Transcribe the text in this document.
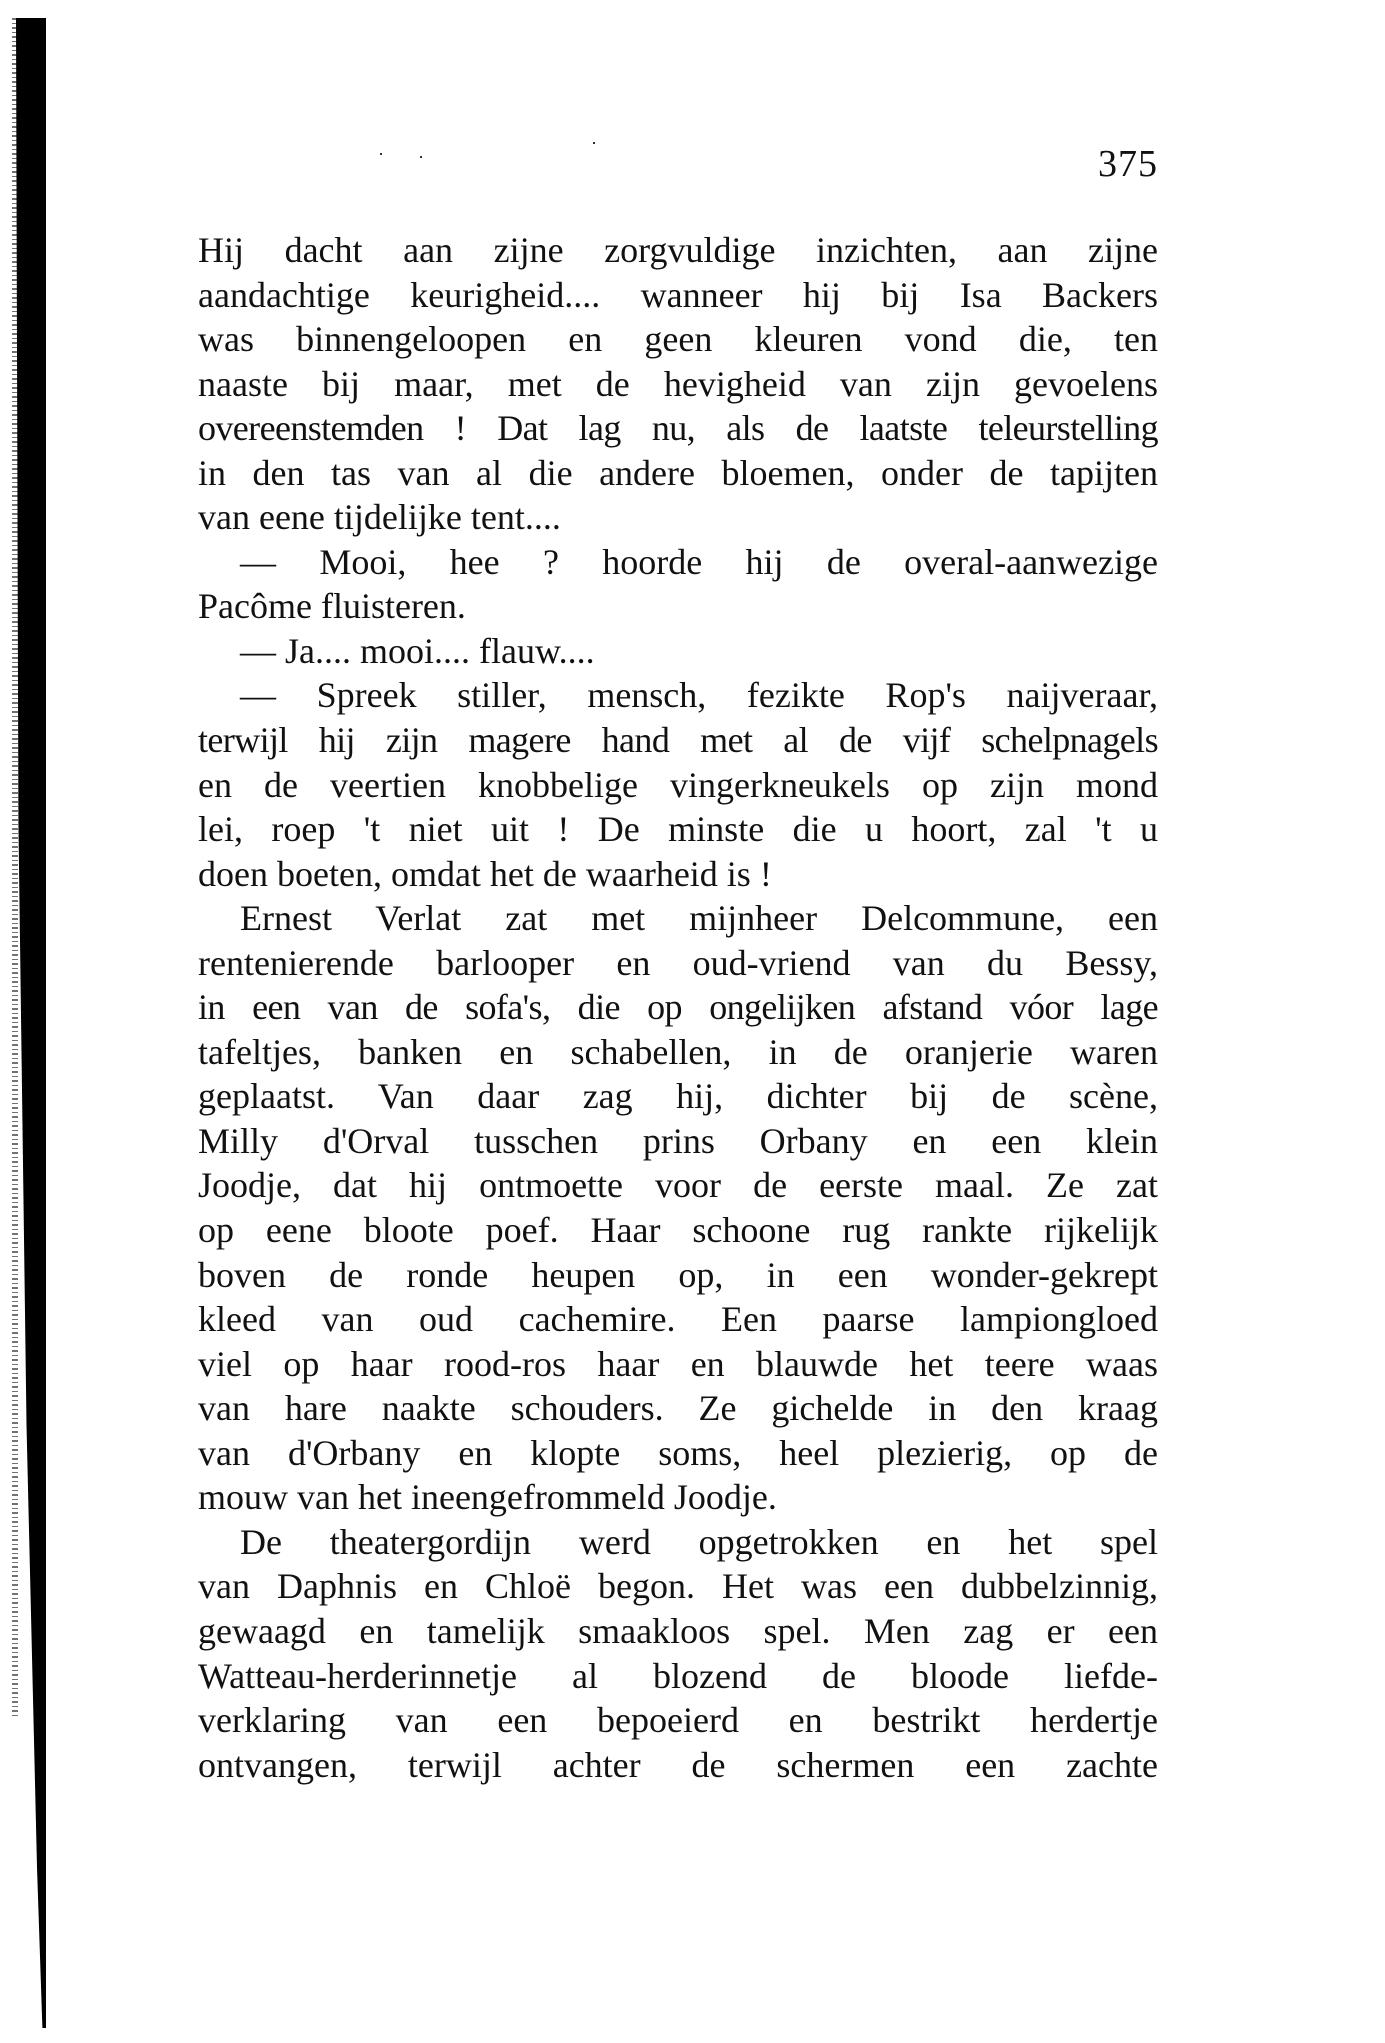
375
Hij dacht aan zijne zorgvuldige inzichten, aan zijne
aandachtige keurigheid.... wanneer hij bij Isa Backers
was binnengeloopen en geen kleuren vond die, ten
naaste bij maar, met de hevigheid van zijn gevoelens
overeenstemden ! Dat lag nu, als de laatste teleurstelling
in den tas van al die andere bloemen, onder de tapijten
van eene tijdelijke tent....
— Mooi, hee ? hoorde hij de overal-aanwezige
Pacôme fluisteren.
— Ja.... mooi.... flauw....
— Spreek stiller, mensch, fezikte Rop's naijveraar,
terwijl hij zijn magere hand met al de vijf schelpnagels
en de veertien knobbelige vingerkneukels op zijn mond
lei, roep 't niet uit ! De minste die u hoort, zal 't u
doen boeten, omdat het de waarheid is !
Ernest Verlat zat met mijnheer Delcommune, een
rentenierende barlooper en oud-vriend van du Bessy,
in een van de sofa's, die op ongelijken afstand vóor lage
tafeltjes, banken en schabellen, in de oranjerie waren
geplaatst. Van daar zag hij, dichter bij de scène,
Milly d'Orval tusschen prins Orbany en een klein
Joodje, dat hij ontmoette voor de eerste maal. Ze zat
op eene bloote poef. Haar schoone rug rankte rijkelijk
boven de ronde heupen op, in een wonder-gekrept
kleed van oud cachemire. Een paarse lampiongloed
viel op haar rood-ros haar en blauwde het teere waas
van hare naakte schouders. Ze gichelde in den kraag
van d'Orbany en klopte soms, heel plezierig, op de
mouw van het ineengefrommeld Joodje.
De theatergordijn werd opgetrokken en het spel
van Daphnis en Chloë begon. Het was een dubbelzinnig,
gewaagd en tamelijk smaakloos spel. Men zag er een
Watteau-herderinnetje al blozend de bloode liefde-
verklaring van een bepoeierd en bestrikt herdertje
ontvangen, terwijl achter de schermen een zachte
